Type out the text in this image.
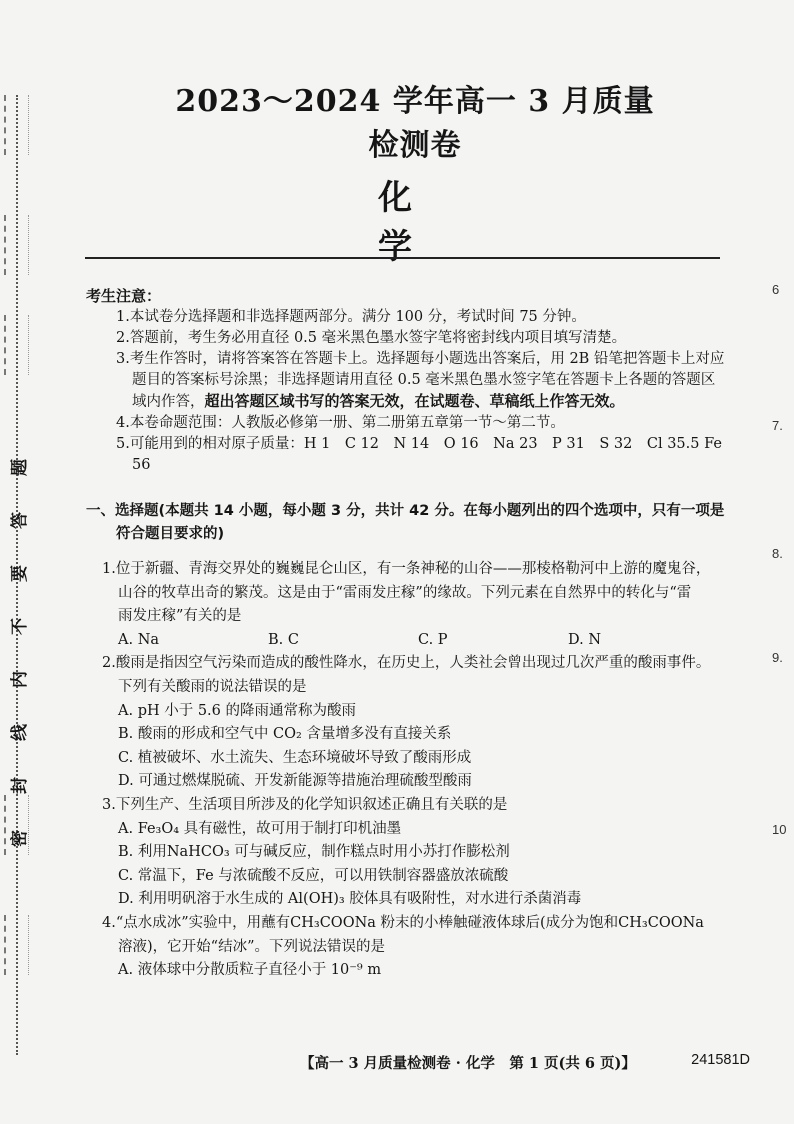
题
答
要
不
内
线
封
密
6
7.
8.
9.
10
2023～2024 学年高一 3 月质量检测卷
化 学
考生注意：
1.本试卷分选择题和非选择题两部分。满分 100 分，考试时间 75 分钟。
2.答题前，考生务必用直径 0.5 毫米黑色墨水签字笔将密封线内项目填写清楚。
3.考生作答时，请将答案答在答题卡上。选择题每小题选出答案后，用 2B 铅笔把答题卡上对应题目的答案标号涂黑；非选择题请用直径 0.5 毫米黑色墨水签字笔在答题卡上各题的答题区域内作答，超出答题区域书写的答案无效，在试题卷、草稿纸上作答无效。
4.本卷命题范围：人教版必修第一册、第二册第五章第一节～第二节。
5.可能用到的相对原子质量：H 1　C 12　N 14　O 16　Na 23　P 31　S 32　Cl 35.5 Fe 56
一、选择题(本题共 14 小题，每小题 3 分，共计 42 分。在每小题列出的四个选项中，只有一项是
符合题目要求的)
1.位于新疆、青海交界处的巍巍昆仑山区，有一条神秘的山谷——那棱格勒河中上游的魔鬼谷，
山谷的牧草出奇的繁茂。这是由于“雷雨发庄稼”的缘故。下列元素在自然界中的转化与“雷
雨发庄稼”有关的是
A. Na	B. C	C. P	D. N
2.酸雨是指因空气污染而造成的酸性降水，在历史上，人类社会曾出现过几次严重的酸雨事件。
下列有关酸雨的说法错误的是
A. pH 小于 5.6 的降雨通常称为酸雨
B. 酸雨的形成和空气中 CO₂ 含量增多没有直接关系
C. 植被破坏、水土流失、生态环境破坏导致了酸雨形成
D. 可通过燃煤脱硫、开发新能源等措施治理硫酸型酸雨
3.下列生产、生活项目所涉及的化学知识叙述正确且有关联的是
A. Fe₃O₄ 具有磁性，故可用于制打印机油墨
B. 利用NaHCO₃ 可与碱反应，制作糕点时用小苏打作膨松剂
C. 常温下，Fe 与浓硫酸不反应，可以用铁制容器盛放浓硫酸
D. 利用明矾溶于水生成的 Al(OH)₃ 胶体具有吸附性，对水进行杀菌消毒
4.“点水成冰”实验中，用蘸有CH₃COONa 粉末的小棒触碰液体球后(成分为饱和CH₃COONa
溶液)，它开始“结冰”。下列说法错误的是
A. 液体球中分散质粒子直径小于 10⁻⁹ m
【高一 3 月质量检测卷 · 化学　第 1 页(共 6 页)】	241581D
